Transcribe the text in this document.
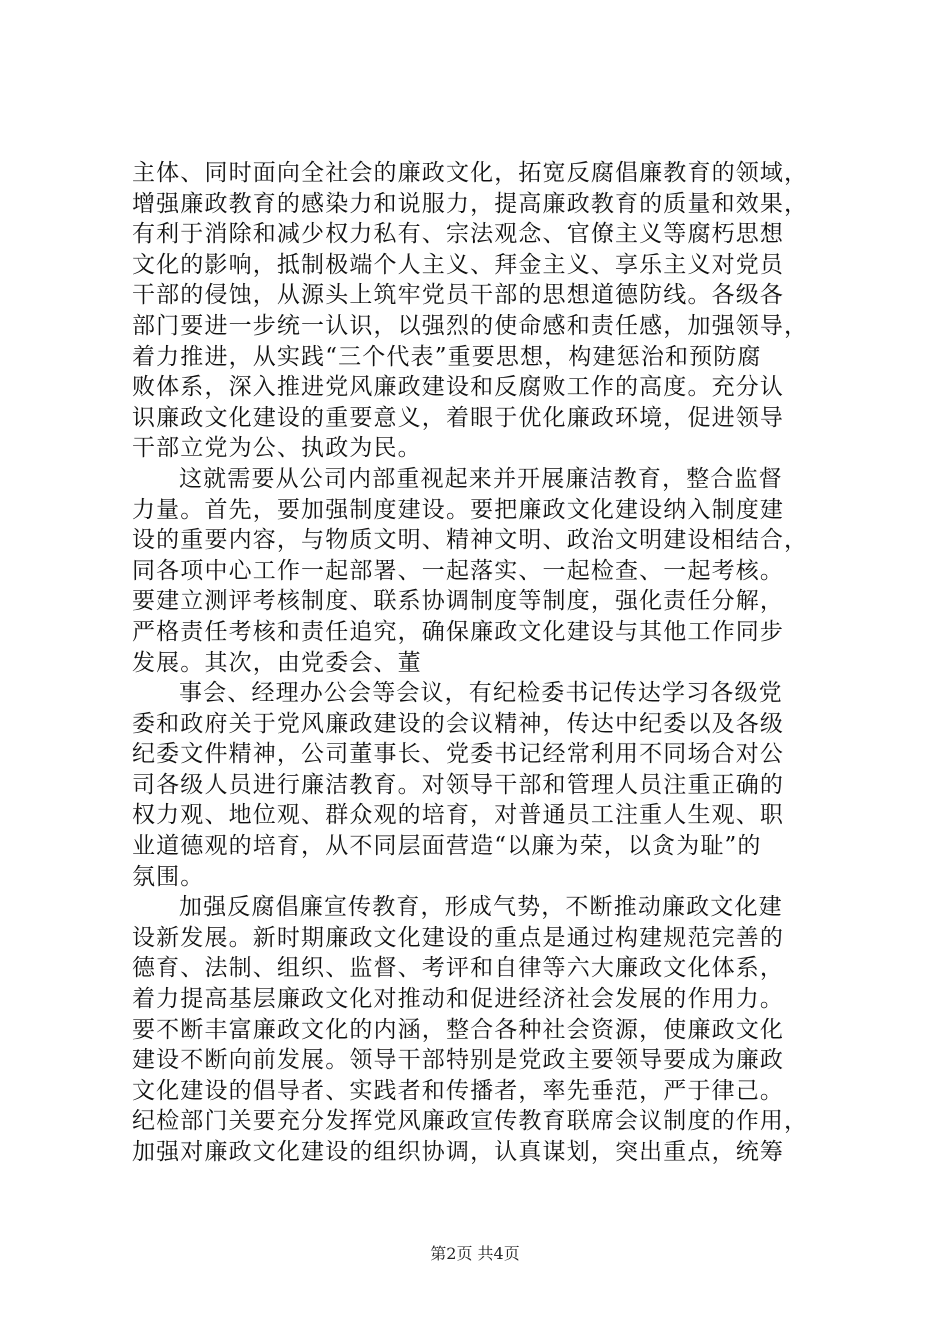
主体、同时面向全社会的廉政文化，拓宽反腐倡廉教育的领域，
增强廉政教育的感染力和说服力，提高廉政教育的质量和效果，
有利于消除和减少权力私有、宗法观念、官僚主义等腐朽思想
文化的影响，抵制极端个人主义、拜金主义、享乐主义对党员
干部的侵蚀，从源头上筑牢党员干部的思想道德防线。各级各
部门要进一步统一认识，以强烈的使命感和责任感，加强领导，
着力推进，从实践“三个代表”重要思想，构建惩治和预防腐
败体系，深入推进党风廉政建设和反腐败工作的高度。充分认
识廉政文化建设的重要意义，着眼于优化廉政环境，促进领导
干部立党为公、执政为民。
这就需要从公司内部重视起来并开展廉洁教育，整合监督
力量。首先，要加强制度建设。要把廉政文化建设纳入制度建
设的重要内容，与物质文明、精神文明、政治文明建设相结合，
同各项中心工作一起部署、一起落实、一起检查、一起考核。
要建立测评考核制度、联系协调制度等制度，强化责任分解，
严格责任考核和责任追究，确保廉政文化建设与其他工作同步
发展。其次，由党委会、董
事会、经理办公会等会议，有纪检委书记传达学习各级党
委和政府关于党风廉政建设的会议精神，传达中纪委以及各级
纪委文件精神，公司董事长、党委书记经常利用不同场合对公
司各级人员进行廉洁教育。对领导干部和管理人员注重正确的
权力观、地位观、群众观的培育，对普通员工注重人生观、职
业道德观的培育，从不同层面营造“以廉为荣，以贪为耻”的
氛围。
加强反腐倡廉宣传教育，形成气势，不断推动廉政文化建
设新发展。新时期廉政文化建设的重点是通过构建规范完善的
德育、法制、组织、监督、考评和自律等六大廉政文化体系，
着力提高基层廉政文化对推动和促进经济社会发展的作用力。
要不断丰富廉政文化的内涵，整合各种社会资源，使廉政文化
建设不断向前发展。领导干部特别是党政主要领导要成为廉政
文化建设的倡导者、实践者和传播者，率先垂范，严于律己。
纪检部门关要充分发挥党风廉政宣传教育联席会议制度的作用，
加强对廉政文化建设的组织协调，认真谋划，突出重点，统筹
第2页 共4页
